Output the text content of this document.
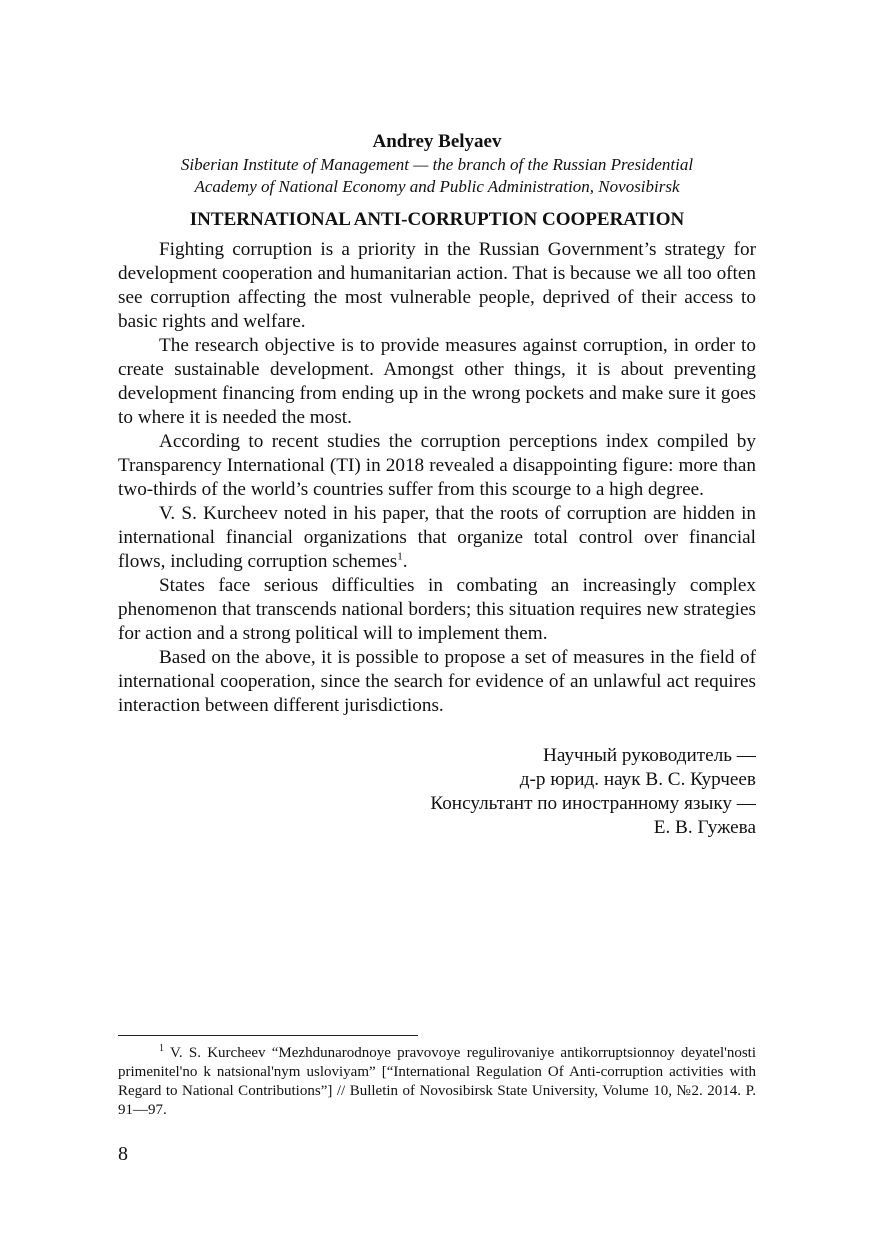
Andrey Belyaev

Siberian Institute of Management — the branch of the Russian Presidential

Academy of National Economy and Public Administration, Novosibirsk

INTERNATIONAL ANTI-CORRUPTION COOPERATION

Fighting corruption is a priority in the Russian Government’s strategy for development cooperation and humanitarian action. That is because we all too often see corruption affecting the most vulnerable people, deprived of their access to basic rights and welfare.

The research objective is to provide measures against corruption, in order to create sustainable development. Amongst other things, it is about preventing development financing from ending up in the wrong pockets and make sure it goes to where it is needed the most.

According to recent studies the corruption perceptions index compiled by Transparency International (TI) in 2018 revealed a disappointing figure: more than two-thirds of the world’s countries suffer from this scourge to a high degree.

V. S. Kurcheev noted in his paper, that the roots of corruption are hidden in international financial organizations that organize total control over financial flows, including corruption schemes$^1$.

States face serious difficulties in combating an increasingly complex phenomenon that transcends national borders; this situation requires new strategies for action and a strong political will to implement them.

Based on the above, it is possible to propose a set of measures in the field of international cooperation, since the search for evidence of an unlawful act requires interaction between different jurisdictions.

Научный руководитель —
д-р юрид. наук В. С. Курчеев
Консультант по иностранному языку —
Е. В. Гужева

$^1$ V. S. Kurcheev “Mezhdunarodnoye pravovoye regulirovaniye antikorruptsionnoy deyatel'nosti primenitel'no k natsional'nym usloviyam” [“International Regulation Of Anti-corruption activities with Regard to National Contributions”] // Bulletin of Novosibirsk State University, Volume 10, №2. 2014. P. 91—97.

8
